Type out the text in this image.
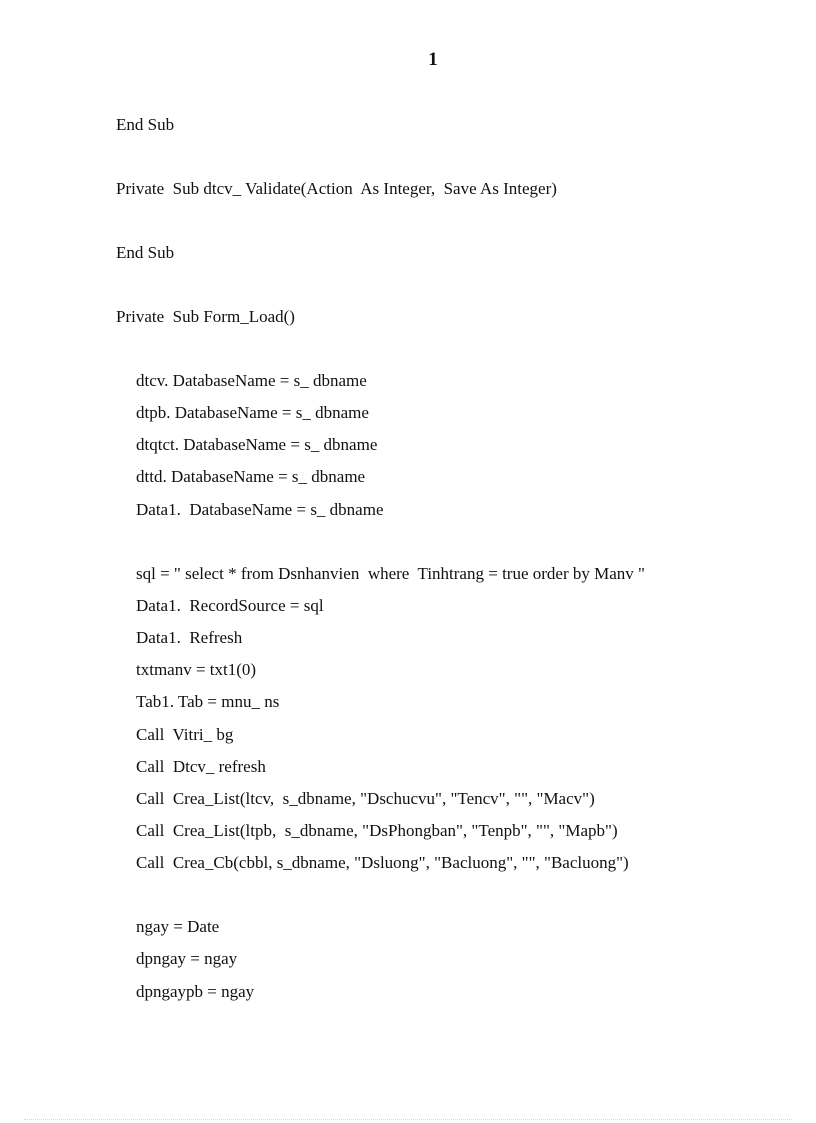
1
End Sub
Private  Sub dtcv_ Validate(Action  As Integer,  Save As Integer)
End Sub
Private  Sub Form_Load()
dtcv. DatabaseName = s_ dbname
dtpb. DatabaseName = s_ dbname
dtqtct. DatabaseName = s_ dbname
dttd. DatabaseName = s_ dbname
Data1.  DatabaseName = s_ dbname
sql = " select * from Dsnhanvien  where  Tinhtrang = true order by Manv "
Data1.  RecordSource = sql
Data1.  Refresh
txtmanv = txt1(0)
Tab1. Tab = mnu_ ns
Call  Vitri_ bg
Call  Dtcv_ refresh
Call  Crea_List(ltcv,  s_dbname, "Dschucvu", "Tencv", "", "Macv")
Call  Crea_List(ltpb,  s_dbname, "DsPhongban", "Tenpb", "", "Mapb")
Call  Crea_Cb(cbbl, s_dbname, "Dsluong", "Bacluong", "", "Bacluong")
ngay = Date
dpngay = ngay
dpngaypb = ngay
